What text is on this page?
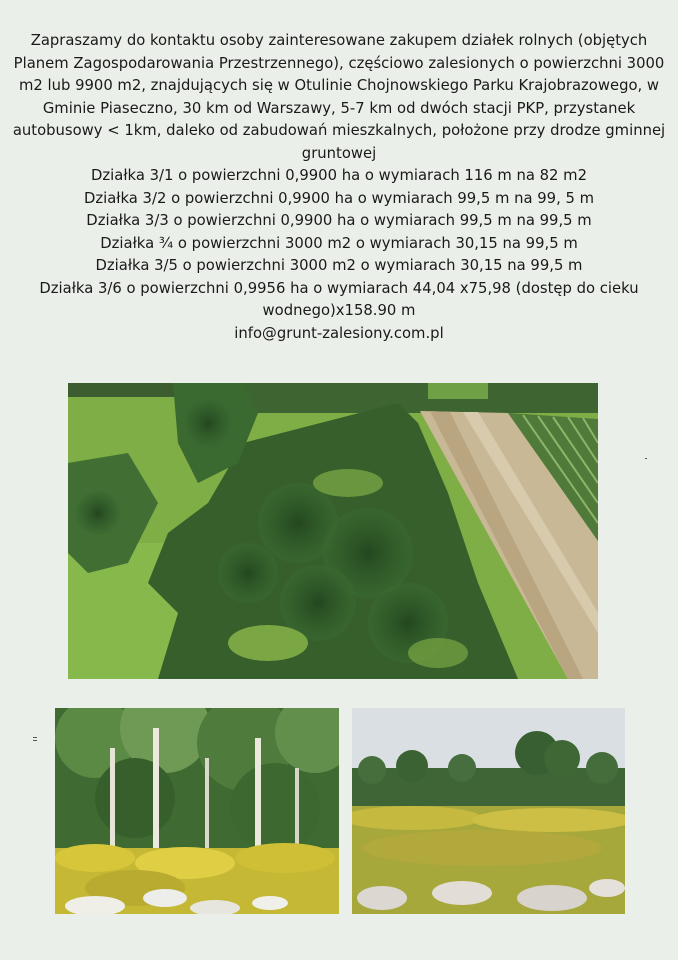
Zapraszamy do kontaktu osoby zainteresowane zakupem działek rolnych (objętych Planem Zagospodarowania Przestrzennego), częściowo zalesionych o powierzchni 3000 m2 lub 9900 m2, znajdujących się w Otulinie Chojnowskiego Parku Krajobrazowego, w Gminie Piaseczno, 30 km od Warszawy, 5-7 km od dwóch stacji PKP, przystanek autobusowy < 1km, daleko od zabudowań mieszkalnych, położone przy drodze gminnej gruntowej

Działka 3/1 o powierzchni 0,9900 ha o wymiarach 116 m na 82 m2

Działka 3/2 o powierzchni 0,9900 ha o wymiarach 99,5 m na 99, 5 m

Działka 3/3 o powierzchni 0,9900 ha o wymiarach 99,5 m na 99,5 m

Działka ¾ o powierzchni 3000 m2 o wymiarach 30,15 na 99,5 m

Działka 3/5 o powierzchni 3000 m2 o wymiarach 30,15 na 99,5 m

Działka 3/6 o powierzchni 0,9956 ha o wymiarach 44,04 x75,98 (dostęp do cieku wodnego)x158.90 m

info@grunt-zalesiony.com.pl
